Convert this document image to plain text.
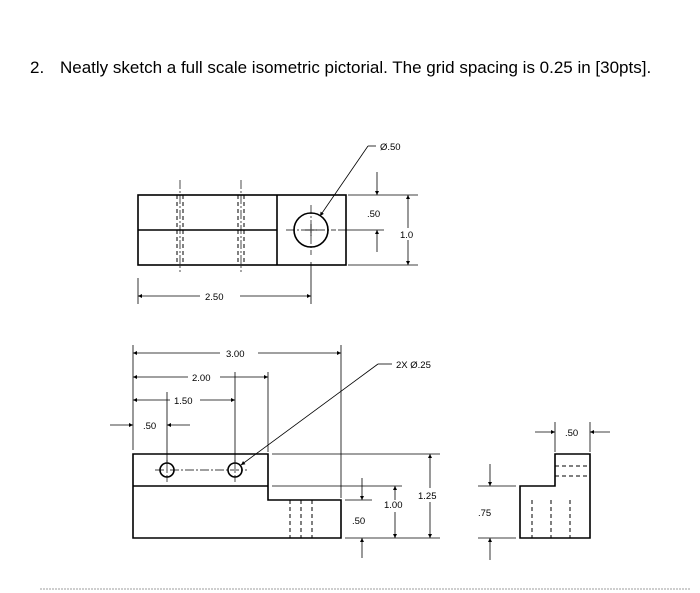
2. Neatly sketch a full scale isometric pictorial. The grid spacing is 0.25 in [30pts].
Ø.50
.50
1.0
2.50
3.00
2.00
1.50
.50
2X Ø.25
.50
1.00
1.25
.75
.50
